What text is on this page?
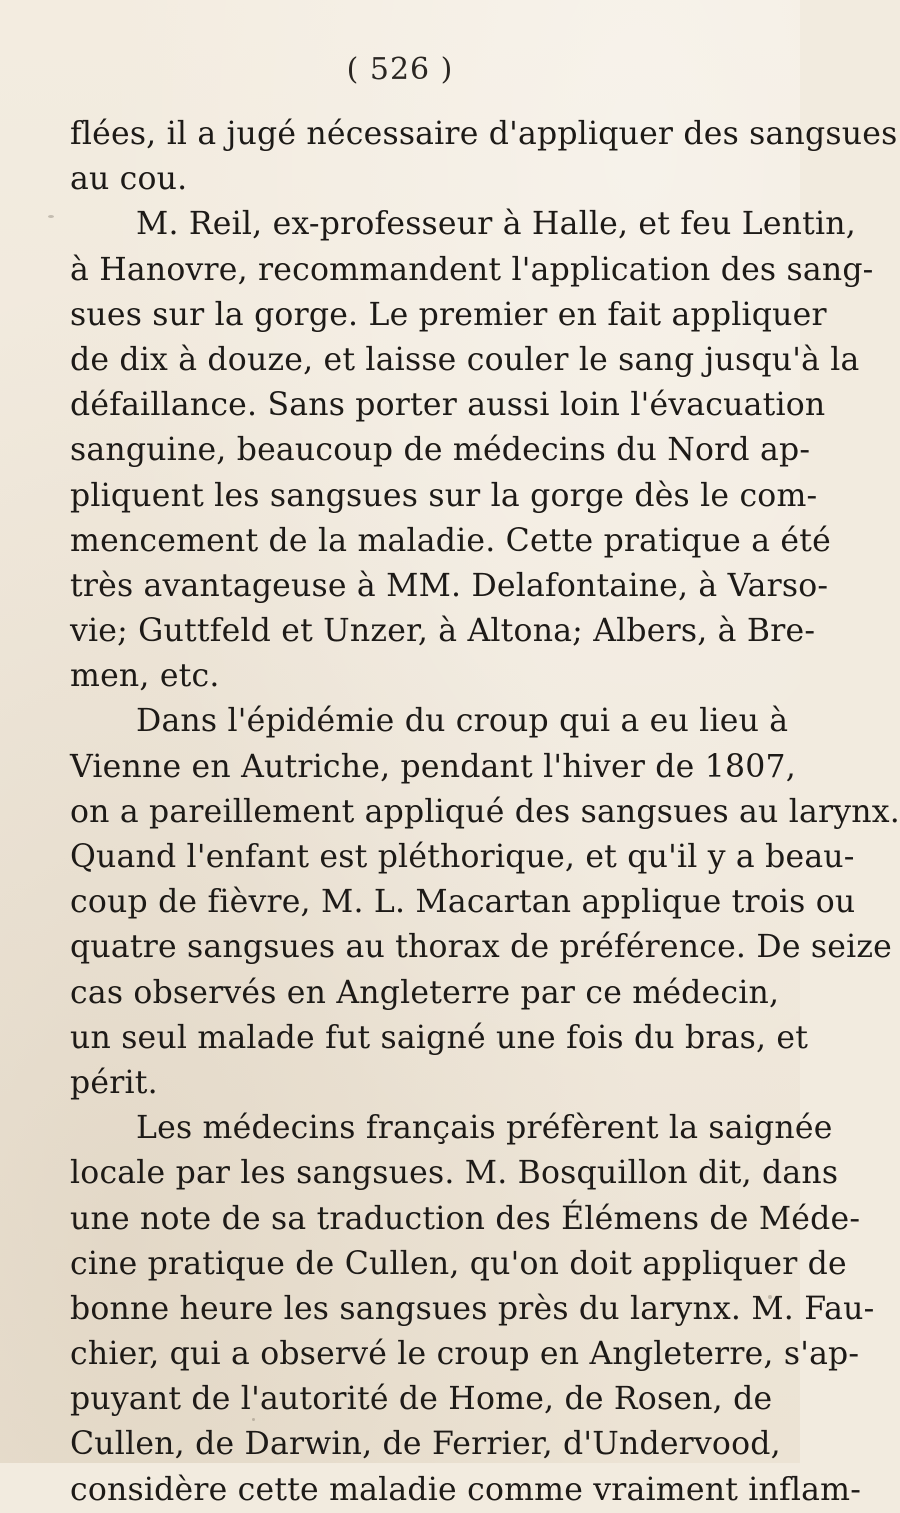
( 526 )
flées, il a jugé nécessaire d'appliquer des sangsues
au cou.
M. Reil, ex-professeur à Halle, et feu Lentin,
à Hanovre, recommandent l'application des sang-
sues sur la gorge. Le premier en fait appliquer
de dix à douze, et laisse couler le sang jusqu'à la
défaillance. Sans porter aussi loin l'évacuation
sanguine, beaucoup de médecins du Nord ap-
pliquent les sangsues sur la gorge dès le com-
mencement de la maladie. Cette pratique a été
très avantageuse à MM. Delafontaine, à Varso-
vie; Guttfeld et Unzer, à Altona; Albers, à Bre-
men, etc.
Dans l'épidémie du croup qui a eu lieu à
Vienne en Autriche, pendant l'hiver de 1807,
on a pareillement appliqué des sangsues au larynx.
Quand l'enfant est pléthorique, et qu'il y a beau-
coup de fièvre, M. L. Macartan applique trois ou
quatre sangsues au thorax de préférence. De seize
cas observés en Angleterre par ce médecin,
un seul malade fut saigné une fois du bras, et
périt.
Les médecins français préfèrent la saignée
locale par les sangsues. M. Bosquillon dit, dans
une note de sa traduction des Élémens de Méde-
cine pratique de Cullen, qu'on doit appliquer de
bonne heure les sangsues près du larynx. M. Fau-
chier, qui a observé le croup en Angleterre, s'ap-
puyant de l'autorité de Home, de Rosen, de
Cullen, de Darwin, de Ferrier, d'Undervood,
considère cette maladie comme vraiment inflam-
